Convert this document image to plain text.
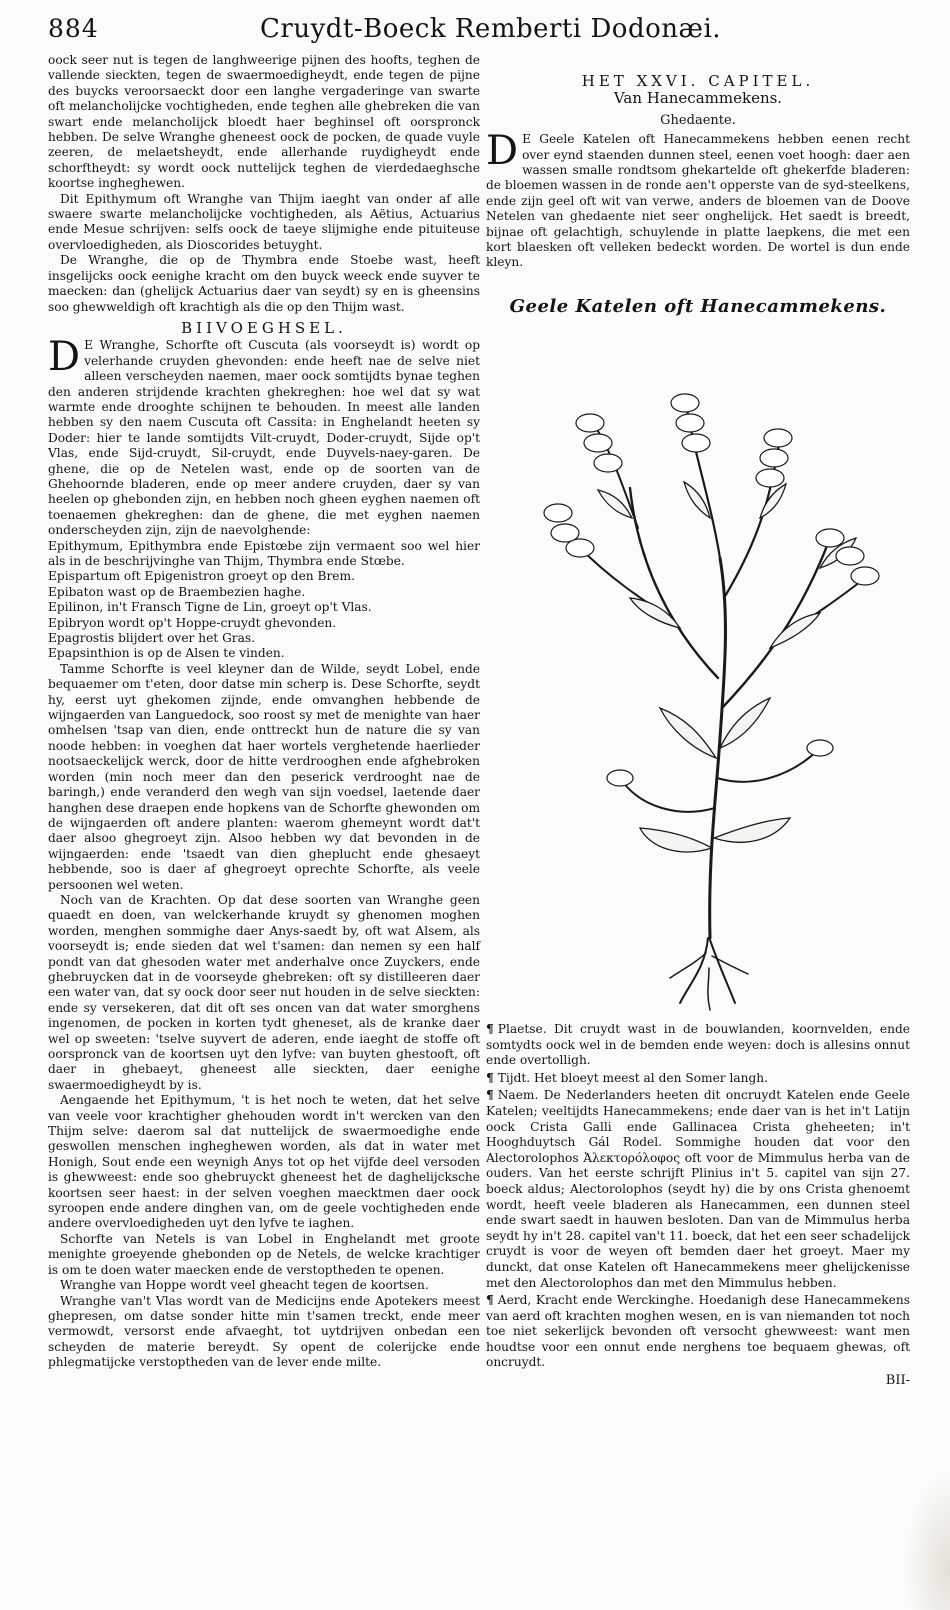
884	Cruydt-Boeck Remberti Dodonæi.

oock seer nut is tegen de langhweerige pijnen des hoofts, teghen de vallende sieckten, tegen de swaermoedigheydt, ende tegen de pijne des buycks veroorsaeckt door een langhe vergaderinge van swarte oft melancholijcke vochtigheden, ende teghen alle ghebreken die van swart ende melancholijck bloedt haer beghinsel oft oorspronck hebben. De selve Wranghe gheneest oock de pocken, de quade vuyle zeeren, de melaetsheydt, ende allerhande ruydigheydt ende schorftheydt: sy wordt oock nuttelijck teghen de vierdedaeghsche koortse ingheghewen.

Dit Epithymum oft Wranghe van Thijm iaeght van onder af alle swaere swarte melancholijcke vochtigheden, als Aëtius, Actuarius ende Mesue schrijven: selfs oock de taeye slijmighe ende pituiteuse overvloedigheden, als Dioscorides betuyght.

De Wranghe, die op de Thymbra ende Stoebe wast, heeft insgelijcks oock eenighe kracht om den buyck weeck ende suyver te maecken: dan (ghelijck Actuarius daer van seydt) sy en is gheensins soo ghewweldigh oft krachtigh als die op den Thijm wast.

BIIVOEGHSEL.

D E Wranghe, Schorfte oft Cuscuta (als voorseydt is) wordt op velerhande cruyden ghevonden: ende heeft nae de selve niet alleen verscheyden naemen, maer oock somtijdts bynae teghen den anderen strijdende krachten ghekreghen: hoe wel dat sy wat warmte ende drooghte schijnen te behouden. In meest alle landen hebben sy den naem Cuscuta oft Cassita: in Enghelandt heeten sy Doder: hier te lande somtijdts Vilt-cruydt, Doder-cruydt, Sijde op't Vlas, ende Sijd-cruydt, Sil-cruydt, ende Duyvels-naey-garen. De ghene, die op de Netelen wast, ende op de soorten van de Ghehoornde bladeren, ende op meer andere cruyden, daer sy van heelen op ghebonden zijn, en hebben noch gheen eyghen naemen oft toenaemen ghekreghen: dan de ghene, die met eyghen naemen onderscheyden zijn, zijn de naevolghende:

Epithymum, Epithymbra ende Epistœbe zijn vermaent soo wel hier als in de beschrijvinghe van Thijm, Thymbra ende Stœbe.

Epispartum oft Epigenistron groeyt op den Brem.

Epibaton wast op de Braembezien haghe.

Epilinon, in't Fransch Tigne de Lin, groeyt op't Vlas.

Epibryon wordt op't Hoppe-cruydt ghevonden.

Epagrostis blijdert over het Gras.

Epapsinthion is op de Alsen te vinden.

Tamme Schorfte is veel kleyner dan de Wilde, seydt Lobel, ende bequaemer om t'eten, door datse min scherp is. Dese Schorfte, seydt hy, eerst uyt ghekomen zijnde, ende omvanghen hebbende de wijngaerden van Languedock, soo roost sy met de menighte van haer omhelsen 'tsap van dien, ende onttreckt hun de nature die sy van noode hebben: in voeghen dat haer wortels verghetende haerlieder nootsaeckelijck werck, door de hitte verdrooghen ende afghebroken worden (min noch meer dan den peserick verdrooght nae de baringh,) ende veranderd den wegh van sijn voedsel, laetende daer hanghen dese draepen ende hopkens van de Schorfte ghewonden om de wijngaerden oft andere planten: waerom ghemeynt wordt dat't daer alsoo ghegroeyt zijn. Alsoo hebben wy dat bevonden in de wijngaerden: ende 'tsaedt van dien gheplucht ende ghesaeyt hebbende, soo is daer af ghegroeyt oprechte Schorfte, als veele persoonen wel weten.

Noch van de Krachten. Op dat dese soorten van Wranghe geen quaedt en doen, van welckerhande kruydt sy ghenomen moghen worden, menghen sommighe daer Anys-saedt by, oft wat Alsem, als voorseydt is; ende sieden dat wel t'samen: dan nemen sy een half pondt van dat ghesoden water met anderhalve once Zuyckers, ende ghebruycken dat in de voorseyde ghebreken: oft sy distilleeren daer een water van, dat sy oock door seer nut houden in de selve sieckten: ende sy versekeren, dat dit oft ses oncen van dat water smorghens ingenomen, de pocken in korten tydt gheneset, als de kranke daer wel op sweeten: 'tselve suyvert de aderen, ende iaeght de stoffe oft oorspronck van de koortsen uyt den lyfve: van buyten ghestooft, oft daer in ghebaeyt, gheneest alle sieckten, daer eenighe swaermoedigheydt by is.

Aengaende het Epithymum, 't is het noch te weten, dat het selve van veele voor krachtigher ghehouden wordt in't wercken van den Thijm selve: daerom sal dat nuttelijck de swaermoedighe ende geswollen menschen ingheghewen worden, als dat in water met Honigh, Sout ende een weynigh Anys tot op het vijfde deel versoden is ghewweest: ende soo ghebruyckt gheneest het de daghelijcksche koortsen seer haest: in der selven voeghen maecktmen daer oock syroopen ende andere dinghen van, om de geele vochtigheden ende andere overvloedigheden uyt den lyfve te iaghen.

Schorfte van Netels is van Lobel in Enghelandt met groote menighte groeyende ghebonden op de Netels, de welcke krachtiger is om te doen water maecken ende de verstoptheden te openen.

Wranghe van Hoppe wordt veel gheacht tegen de koortsen.

Wranghe van't Vlas wordt van de Medicijns ende Apotekers meest ghepresen, om datse sonder hitte min t'samen treckt, ende meer vermowdt, versorst ende afvaeght, tot uytdrijven onbedan een scheyden de materie bereydt. Sy opent de colerijcke ende phlegmatijcke verstoptheden van de lever ende milte.

HET XXVI. CAPITEL.
Van Hanecammekens.
Ghedaente.

D E Geele Katelen oft Hanecammekens hebben eenen recht over eynd staenden dunnen steel, eenen voet hoogh: daer aen wassen smalle rondtsom ghekartelde oft ghekerfde bladeren: de bloemen wassen in de ronde aen't opperste van de syd-steelkens, ende zijn geel oft wit van verwe, anders de bloemen van de Doove Netelen van ghedaente niet seer onghelijck. Het saedt is breedt, bijnae oft gelachtigh, schuylende in platte laepkens, die met een kort blaesken oft velleken bedeckt worden. De wortel is dun ende kleyn.

Geele Katelen oft Hanecammekens.

¶ Plaetse. Dit cruydt wast in de bouwlanden, koornvelden, ende somtydts oock wel in de bemden ende weyen: doch is allesins onnut ende overtolligh.

¶ Tijdt. Het bloeyt meest al den Somer langh.

¶ Naem. De Nederlanders heeten dit oncruydt Katelen ende Geele Katelen; veeltijdts Hanecammekens; ende daer van is het in't Latijn oock Crista Galli ende Gallinacea Crista gheheeten; in't Hooghduytsch Gál Rodel. Sommighe houden dat voor den Alectorolophos Ἀλεκτορόλοφος oft voor de Mimmulus herba van de ouders. Van het eerste schrijft Plinius in't 5. capitel van sijn 27. boeck aldus; Alectorolophos (seydt hy) die by ons Crista ghenoemt wordt, heeft veele bladeren als Hanecammen, een dunnen steel ende swart saedt in hauwen besloten. Dan van de Mimmulus herba seydt hy in't 28. capitel van't 11. boeck, dat het een seer schadelijck cruydt is voor de weyen oft bemden daer het groeyt. Maer my dunckt, dat onse Katelen oft Hanecammekens meer ghelijckenisse met den Alectorolophos dan met den Mimmulus hebben.

¶ Aerd, Kracht ende Werckinghe. Hoedanigh dese Hanecammekens van aerd oft krachten moghen wesen, en is van niemanden tot noch toe niet sekerlijck bevonden oft versocht ghewweest: want men houdtse voor een onnut ende nerghens toe bequaem ghewas, oft oncruydt.

BII-
